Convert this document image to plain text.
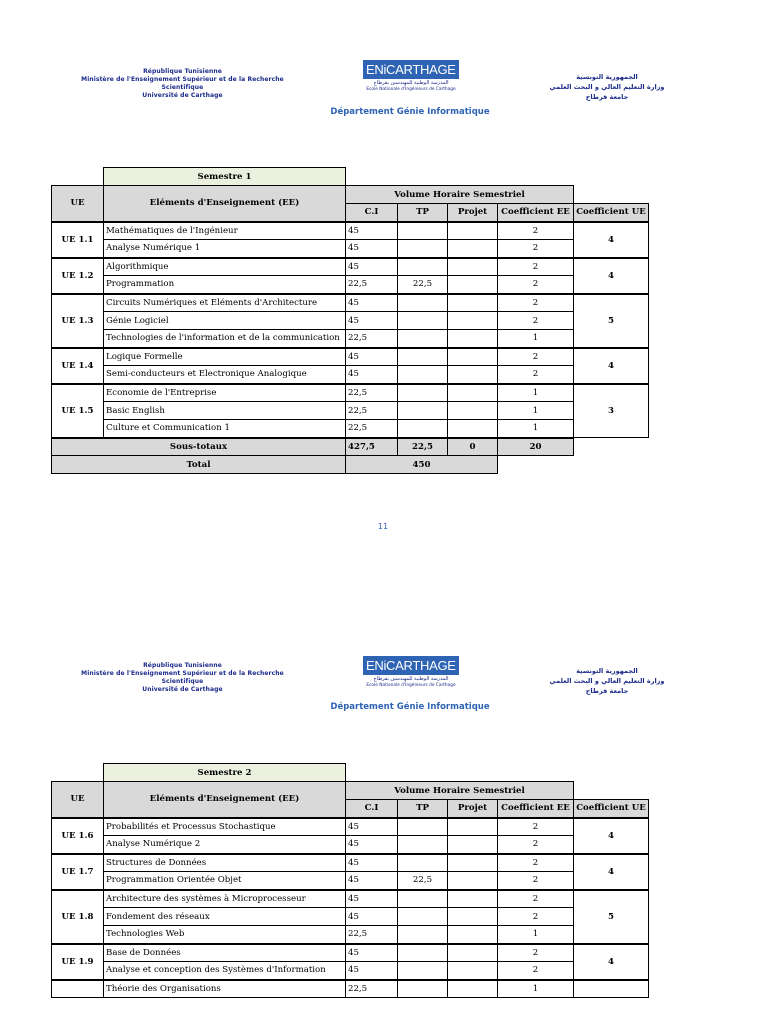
République Tunisienne
Ministère de l'Enseignement Supérieur et de la Recherche
Scientifique
Université de Carthage
ENiCARTHAGE
المدرسة الوطنية للمهندسين بقرطاج
Ecole Nationale d'Ingénieurs de Carthage
Département Génie Informatique
الجمهورية التونسية
وزارة التعليم العالي و البحث العلمي
جامعة قرطاج
	Semestre 1					
UE	Eléments d'Enseignement (EE)	Volume Horaire Semestriel				
		C.I	TP	Projet	Coefficient EE	Coefficient UE
UE 1.1	Mathématiques de l'Ingénieur	45			2	4
	Analyse Numérique 1	45			2	
UE 1.2	Algorithmique	45			2	4
	Programmation	22,5	22,5		2	
UE 1.3	Circuits Numériques et Eléments d'Architecture	45			2	5
	Génie Logiciel	45			2	
	Technologies de l'information et de la communication	22,5			1	
UE 1.4	Logique Formelle	45			2	4
	Semi-conducteurs et Electronique Analogique	45			2	
UE 1.5	Economie de l'Entreprise	22,5			1	3
	Basic English	22,5			1	
	Culture et Communication 1	22,5			1	
Sous-totaux		427,5	22,5	0	20	
Total		450				
11
République Tunisienne
Ministère de l'Enseignement Supérieur et de la Recherche
Scientifique
Université de Carthage
ENiCARTHAGE
المدرسة الوطنية للمهندسين بقرطاج
Ecole Nationale d'Ingénieurs de Carthage
Département Génie Informatique
الجمهورية التونسية
وزارة التعليم العالي و البحث العلمي
جامعة قرطاج
	Semestre 2					
UE	Eléments d'Enseignement (EE)	Volume Horaire Semestriel				
		C.I	TP	Projet	Coefficient EE	Coefficient UE
UE 1.6	Probabilités et Processus Stochastique	45			2	4
	Analyse Numérique 2	45			2	
UE 1.7	Structures de Données	45			2	4
	Programmation Orientée Objet	45	22,5		2	
UE 1.8	Architecture des systèmes à Microprocesseur	45			2	5
	Fondement des réseaux	45			2	
	Technologies Web	22,5			1	
UE 1.9	Base de Données	45			2	4
	Analyse et conception des Systèmes d'Information	45			2	
	Théorie des Organisations	22,5			1	
